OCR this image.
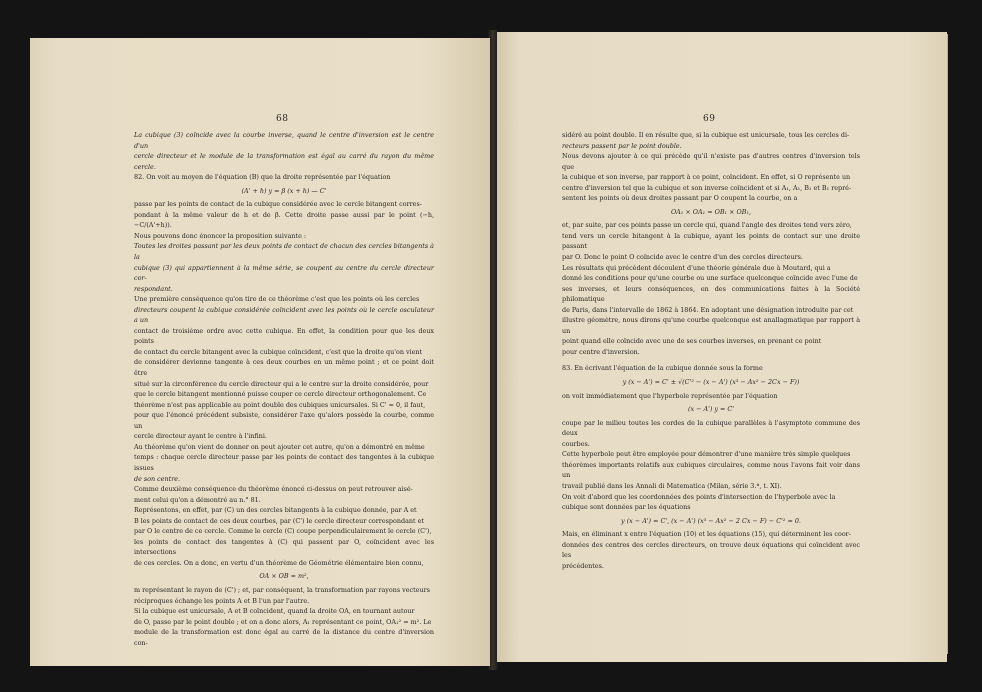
68

La cubique (3) coïncide avec la courbe inverse, quand le centre d'inversion est le centre d'un

cercle directeur et le module de la transformation est égal au carré du rayon du même cercle.

82. On voit au moyen de l'équation (B) que la droite représentée par l'équation

(A' + h) y = β (x + h) — C'

passe par les points de contact de la cubique considérée avec le cercle bitangent corres-

pondant à la même valeur de h et de β. Cette droite passe aussi par le point (−h, −C/(A'+h)).

Nous pouvons donc énoncer la proposition suivante :

Toutes les droites passant par les deux points de contact de chacun des cercles bitangents à la

cubique (3) qui appartiennent à la même série, se coupent au centre du cercle directeur cor-

respondant.

Une première conséquence qu'on tire de ce théorème c'est que les points où les cercles

directeurs coupent la cubique considérée coïncident avec les points où le cercle osculateur a un

contact de troisième ordre avec cette cubique. En effet, la condition pour que les deux points

de contact du cercle bitangent avec la cubique coïncident, c'est que la droite qu'on vient

de considérer devienne tangente à ces deux courbes en un même point ; et ce point doit être

situé sur la circonférence du cercle directeur qui a le centre sur la droite considérée, pour

que le cercle bitangent mentionné puisse couper ce cercle directeur orthogonalement. Ce

théorème n'est pas applicable au point double des cubiques unicursales. Si C' = 0, il faut,

pour que l'énoncé précédent subsiste, considérer l'axe qu'alors possède la courbe, comme un

cercle directeur ayant le centre à l'infini.

Au théorème qu'on vient de donner on peut ajouter cet autre, qu'on a démontré en même

temps : chaque cercle directeur passe par les points de contact des tangentes à la cubique issues

de son centre.

Comme deuxième conséquence du théorème énoncé ci-dessus on peut retrouver aisé-

ment celui qu'on a démontré au n.° 81.

Représentons, en effet, par (C) un des cercles bitangents à la cubique donnée, par A et

B les points de contact de ces deux courbes, par (C') le cercle directeur correspondant et

par O le centre de ce cercle. Comme le cercle (C) coupe perpendiculairement le cercle (C'),

les points de contact des tangentes à (C) qui passent par O, coïncident avec les intersections

de ces cercles. On a donc, en vertu d'un théorème de Géométrie élémentaire bien connu,

OA × OB = m²,

m représentant le rayon de (C') ; et, par conséquent, la transformation par rayons vecteurs

réciproques échange les points A et B l'un par l'autre.

Si la cubique est unicursale, A et B coïncident, quand la droite OA, en tournant autour

de O, passe par le point double ; et on a donc alors, A₁ représentant ce point, OA₁² = m². Le

module de la transformation est donc égal au carré de la distance du centre d'inversion con-

69

sidéré au point double. Il en résulte que, si la cubique est unicursale, tous les cercles di-

recteurs passent par le point double.

Nous devons ajouter à ce qui précède qu'il n'existe pas d'autres centres d'inversion tels que

la cubique et son inverse, par rapport à ce point, coïncident. En effet, si O représente un

centre d'inversion tel que la cubique et son inverse coïncident et si A₁, A₁, B₁ et B₁ repré-

sentent les points où deux droites passant par O coupent la courbe, on a

OA₁ × OA₁ = OB₁ × OB₁,

et, par suite, par ces points passe un cercle qui, quand l'angle des droites tend vers zéro,

tend vers un cercle bitangent à la cubique, ayant les points de contact sur une droite passant

par O. Donc le point O coïncide avec le centre d'un des cercles directeurs.

Les résultats qui précèdent découlent d'une théorie générale due à Moutard, qui a

donné les conditions pour qu'une courbe ou une surface quelconque coïncide avec l'une de

ses inverses, et leurs conséquences, en des communications faites à la Société philomatique

de Paris, dans l'intervalle de 1862 à 1864. En adoptant une désignation introduite par cet

illustre géomètre, nous dirons qu'une courbe quelconque est anallagmatique par rapport à un

point quand elle coïncide avec une de ses courbes inverses, en prenant ce point

pour centre d'inversion.

83. En écrivant l'équation de la cubique donnée sous la forme

y (x − A') = C' ± √(C'² − (x − A') (x³ − Ax² − 2Cx − F))

on voit immédiatement que l'hyperbole représentée par l'équation

(x − A') y = C'

coupe par le milieu toutes les cordes de la cubique parallèles à l'asymptote commune des deux

courbes.

Cette hyperbole peut être employée pour démontrer d'une manière très simple quelques

théorèmes importants relatifs aux cubiques circulaires, comme nous l'avons fait voir dans un

travail publié dans les Annali di Matematica (Milan, série 3.ª, t. XI).

On voit d'abord que les coordonnées des points d'intersection de l'hyperbole avec la

cubique sont données par les équations

y (x − A') = C', (x − A') (x³ − Ax² − 2 Cx − F) − C'² = 0.

Mais, en éliminant x entre l'équation (10) et les équations (15), qui déterminent les coor-

données des centres des cercles directeurs, on trouve deux équations qui coïncident avec les

précédentes.
